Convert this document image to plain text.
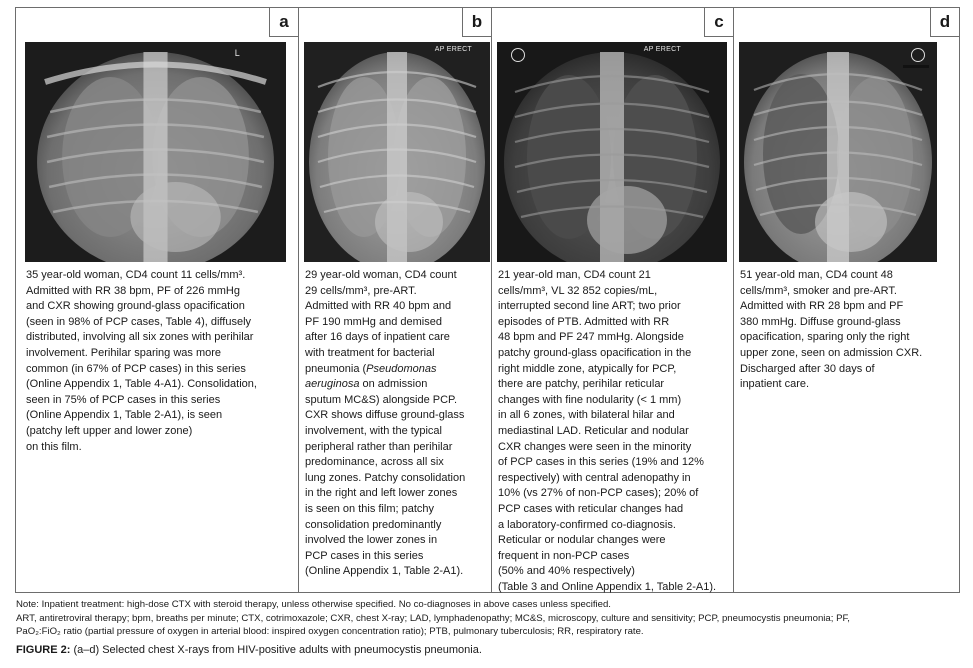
a
L
35 year-old woman, CD4 count 11 cells/mm³.
Admitted with RR 38 bpm, PF of 226 mmHg
and CXR showing ground-glass opacification
(seen in 98% of PCP cases, Table 4), diffusely
distributed, involving all six zones with perihilar
involvement. Perihilar sparing was more
common (in 67% of PCP cases) in this series
(Online Appendix 1, Table 4-A1). Consolidation,
seen in 75% of PCP cases in this series
(Online Appendix 1, Table 2-A1), is seen
(patchy left upper and lower zone)
on this film.
b
AP ERECT
29 year-old woman, CD4 count
29 cells/mm³, pre-ART.
Admitted with RR 40 bpm and
PF 190 mmHg and demised
after 16 days of inpatient care
with treatment for bacterial
pneumonia (Pseudomonas
aeruginosa on admission
sputum MC&S) alongside PCP.
CXR shows diffuse ground-glass
involvement, with the typical
peripheral rather than perihilar
predominance, across all six
lung zones. Patchy consolidation
in the right and left lower zones
is seen on this film; patchy
consolidation predominantly
involved the lower zones in
PCP cases in this series
(Online Appendix 1, Table 2-A1).
c
AP ERECT
21 year-old man, CD4 count 21
cells/mm³, VL 32 852 copies/mL,
interrupted second line ART; two prior
episodes of PTB. Admitted with RR
48 bpm and PF 247 mmHg. Alongside
patchy ground-glass opacification in the
right middle zone, atypically for PCP,
there are patchy, perihilar reticular
changes with fine nodularity (< 1 mm)
in all 6 zones, with bilateral hilar and
mediastinal LAD. Reticular and nodular
CXR changes were seen in the minority
of PCP cases in this series (19% and 12%
respectively) with central adenopathy in
10% (vs 27% of non-PCP cases); 20% of
PCP cases with reticular changes had
a laboratory-confirmed co-diagnosis.
Reticular or nodular changes were
frequent in non-PCP cases
(50% and 40% respectively)
(Table 3 and Online Appendix 1, Table 2-A1).
d
51 year-old man, CD4 count 48
cells/mm³, smoker and pre-ART.
Admitted with RR 28 bpm and PF
380 mmHg. Diffuse ground-glass
opacification, sparing only the right
upper zone, seen on admission CXR.
Discharged after 30 days of
inpatient care.

Note: Inpatient treatment: high-dose CTX with steroid therapy, unless otherwise specified. No co-diagnoses in above cases unless specified.

ART, antiretroviral therapy; bpm, breaths per minute; CTX, cotrimoxazole; CXR, chest X-ray; LAD, lymphadenopathy; MC&S, microscopy, culture and sensitivity; PCP, pneumocystis pneumonia; PF,

PaO₂:FiO₂ ratio (partial pressure of oxygen in arterial blood: inspired oxygen concentration ratio); PTB, pulmonary tuberculosis; RR, respiratory rate.

FIGURE 2: (a–d) Selected chest X-rays from HIV-positive adults with pneumocystis pneumonia.
